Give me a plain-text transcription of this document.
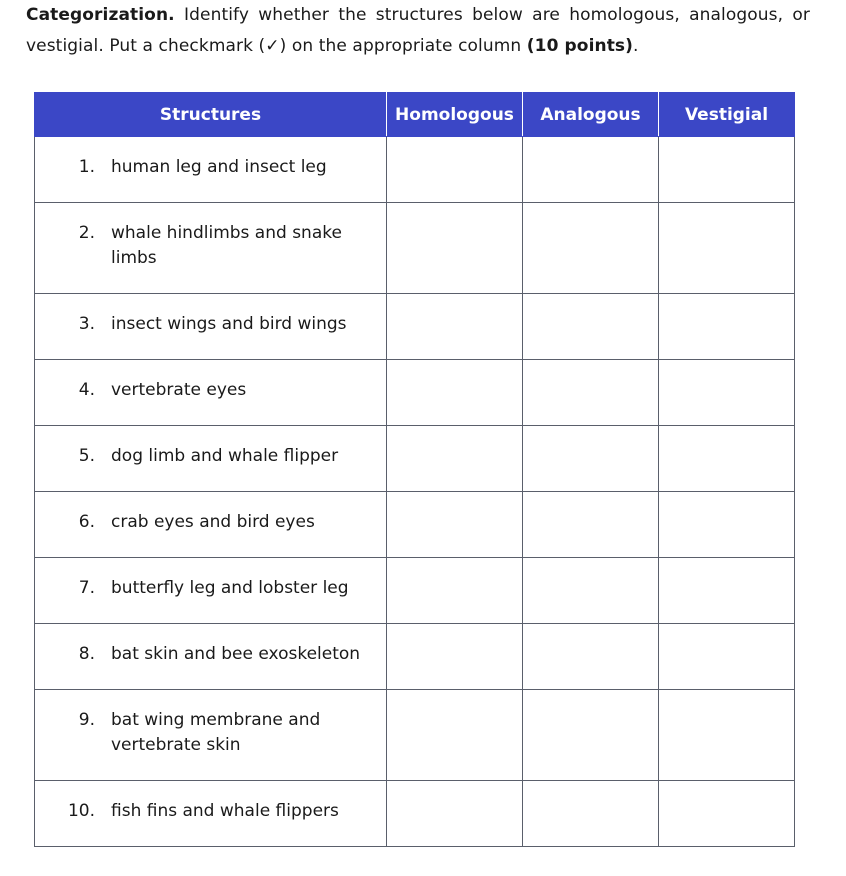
Categorization. Identify whether the structures below are homologous, analogous, or vestigial. Put a checkmark (✓) on the appropriate column (10 points).
Structures	Homologous	Analogous	Vestigial

1. human leg and insect leg			

2. whale hindlimbs and snake limbs			

3. insect wings and bird wings			

4. vertebrate eyes			

5. dog limb and whale flipper			

6. crab eyes and bird eyes			

7. butterfly leg and lobster leg			

8. bat skin and bee exoskeleton			

9. bat wing membrane and vertebrate skin			

10. fish fins and whale flippers			
